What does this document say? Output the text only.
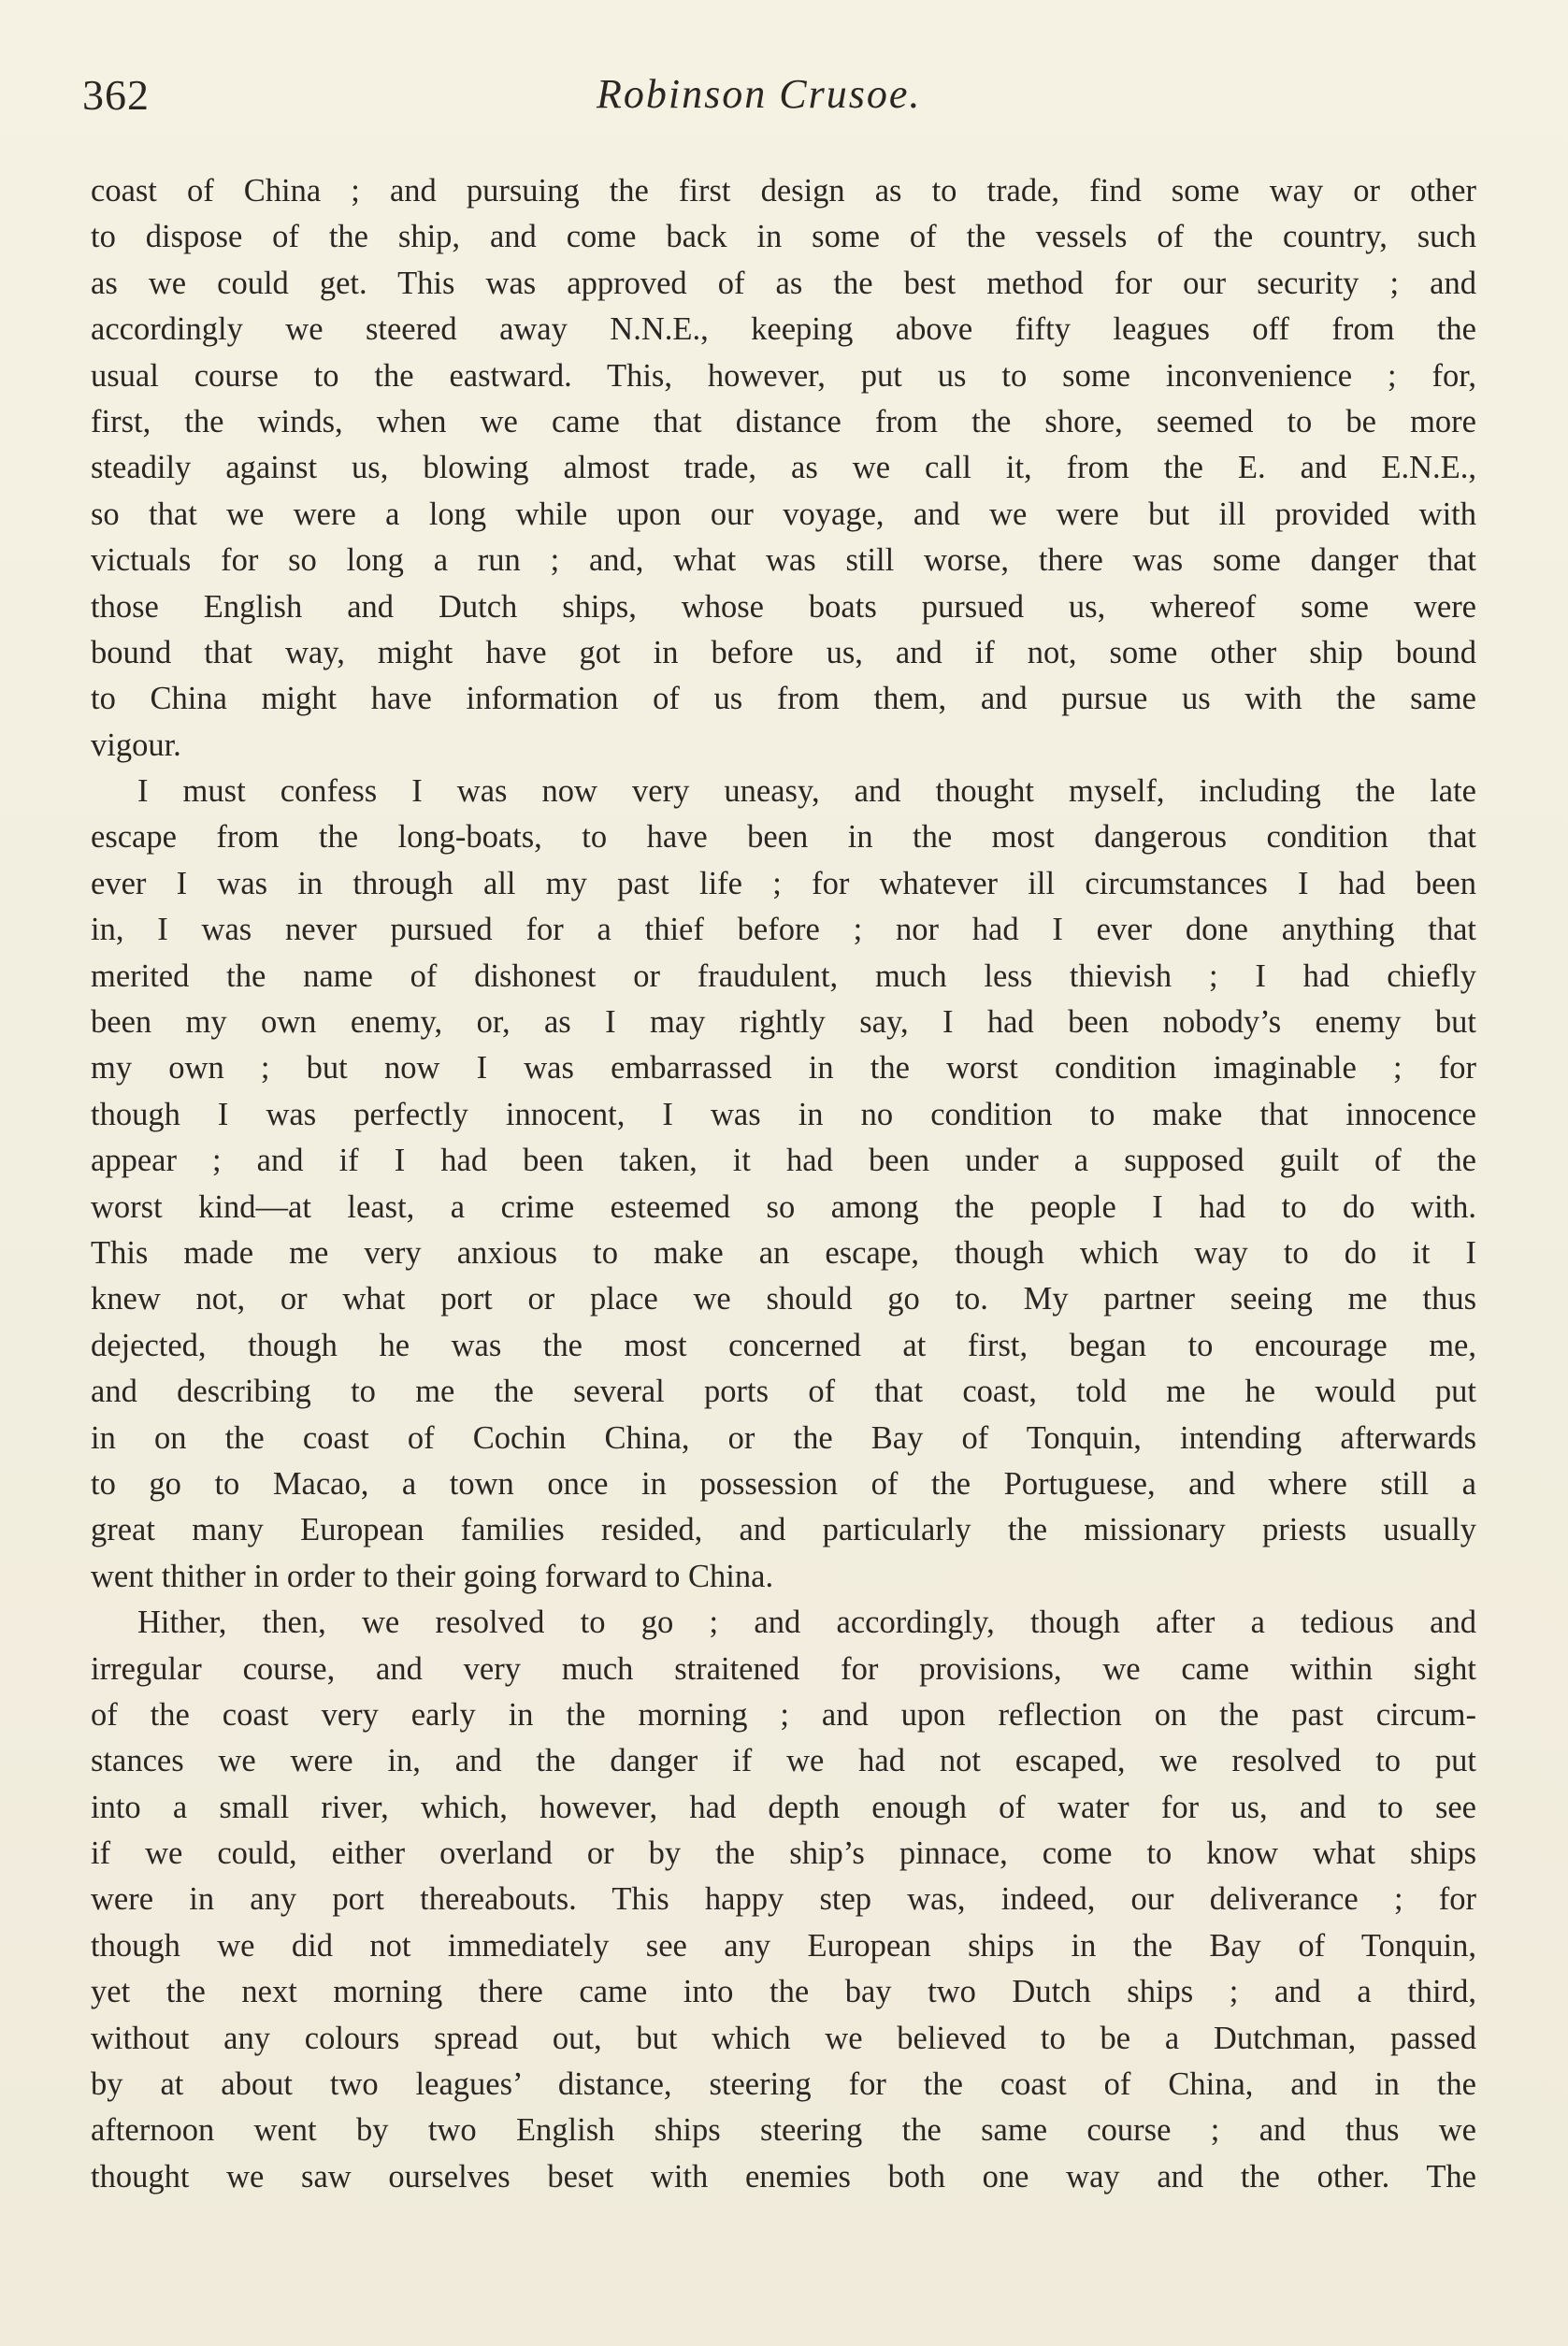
362	Robinson Crusoe.
coast of China ; and pursuing the first design as to trade, find some way or other
to dispose of the ship, and come back in some of the vessels of the country, such
as we could get. This was approved of as the best method for our security ; and
accordingly we steered away N.N.E., keeping above fifty leagues off from the
usual course to the eastward. This, however, put us to some inconvenience ; for,
first, the winds, when we came that distance from the shore, seemed to be more
steadily against us, blowing almost trade, as we call it, from the E. and E.N.E.,
so that we were a long while upon our voyage, and we were but ill provided with
victuals for so long a run ; and, what was still worse, there was some danger that
those English and Dutch ships, whose boats pursued us, whereof some were
bound that way, might have got in before us, and if not, some other ship bound
to China might have information of us from them, and pursue us with the same
vigour.
I must confess I was now very uneasy, and thought myself, including the late
escape from the long-boats, to have been in the most dangerous condition that
ever I was in through all my past life ; for whatever ill circumstances I had been
in, I was never pursued for a thief before ; nor had I ever done anything that
merited the name of dishonest or fraudulent, much less thievish ; I had chiefly
been my own enemy, or, as I may rightly say, I had been nobody’s enemy but
my own ; but now I was embarrassed in the worst condition imaginable ; for
though I was perfectly innocent, I was in no condition to make that innocence
appear ; and if I had been taken, it had been under a supposed guilt of the
worst kind—at least, a crime esteemed so among the people I had to do with.
This made me very anxious to make an escape, though which way to do it I
knew not, or what port or place we should go to. My partner seeing me thus
dejected, though he was the most concerned at first, began to encourage me,
and describing to me the several ports of that coast, told me he would put
in on the coast of Cochin China, or the Bay of Tonquin, intending afterwards
to go to Macao, a town once in possession of the Portuguese, and where still a
great many European families resided, and particularly the missionary priests usually
went thither in order to their going forward to China.
Hither, then, we resolved to go ; and accordingly, though after a tedious and
irregular course, and very much straitened for provisions, we came within sight
of the coast very early in the morning ; and upon reflection on the past circum-
stances we were in, and the danger if we had not escaped, we resolved to put
into a small river, which, however, had depth enough of water for us, and to see
if we could, either overland or by the ship’s pinnace, come to know what ships
were in any port thereabouts. This happy step was, indeed, our deliverance ; for
though we did not immediately see any European ships in the Bay of Tonquin,
yet the next morning there came into the bay two Dutch ships ; and a third,
without any colours spread out, but which we believed to be a Dutchman, passed
by at about two leagues’ distance, steering for the coast of China, and in the
afternoon went by two English ships steering the same course ; and thus we
thought we saw ourselves beset with enemies both one way and the other. The
